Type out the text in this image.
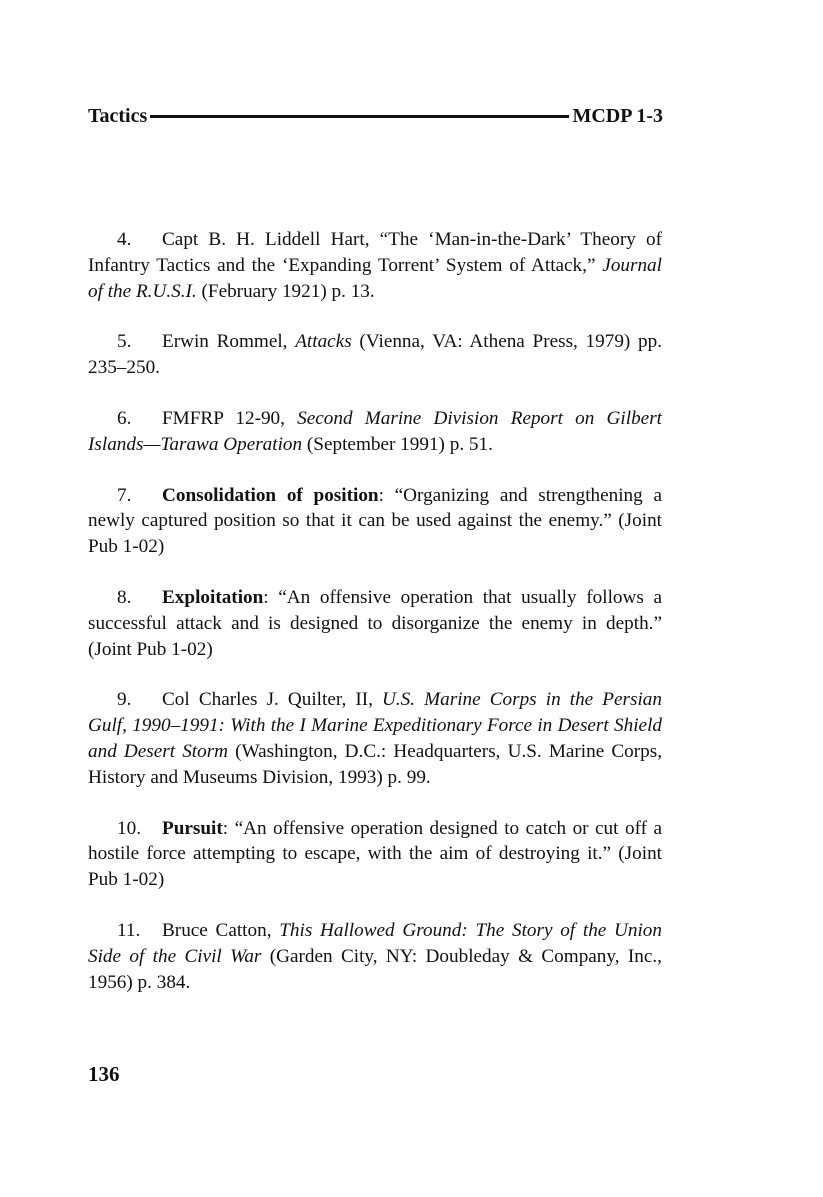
Tactics	MCDP 1-3

4. Capt B. H. Liddell Hart, “The ‘Man-in-the-Dark’ Theory of Infantry Tactics and the ‘Expanding Torrent’ System of Attack,” Journal of the R.U.S.I. (February 1921) p. 13.

5. Erwin Rommel, Attacks (Vienna, VA: Athena Press, 1979) pp. 235–250.

6. FMFRP 12-90, Second Marine Division Report on Gilbert Islands—Tarawa Operation (September 1991) p. 51.

7. Consolidation of position: “Organizing and strengthening a newly captured position so that it can be used against the enemy.” (Joint Pub 1-02)

8. Exploitation: “An offensive operation that usually follows a successful attack and is designed to disorganize the enemy in depth.” (Joint Pub 1-02)

9. Col Charles J. Quilter, II, U.S. Marine Corps in the Persian Gulf, 1990–1991: With the I Marine Expeditionary Force in Desert Shield and Desert Storm (Washington, D.C.: Headquarters, U.S. Marine Corps, History and Museums Division, 1993) p. 99.

10. Pursuit: “An offensive operation designed to catch or cut off a hostile force attempting to escape, with the aim of destroying it.” (Joint Pub 1-02)

11. Bruce Catton, This Hallowed Ground: The Story of the Union Side of the Civil War (Garden City, NY: Doubleday & Company, Inc., 1956) p. 384.

136
